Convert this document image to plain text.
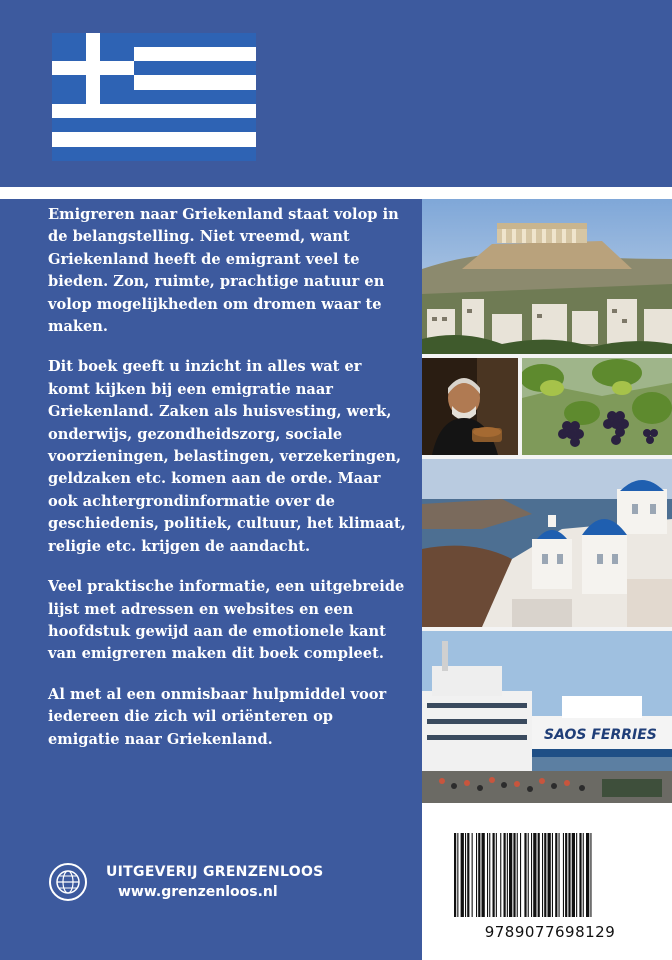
Emigreren naar Griekenland staat volop in de belangstelling. Niet vreemd, want Griekenland heeft de emigrant veel te bieden. Zon, ruimte, prachtige natuur en volop mogelijkheden om dromen waar te maken.

Dit boek geeft u inzicht in alles wat er komt kijken bij een emigratie naar Griekenland. Zaken als huisvesting, werk, onderwijs, gezondheidszorg, sociale voorzieningen, belastingen, verzekeringen, geldzaken etc. komen aan de orde. Maar ook achtergrondinformatie over de geschiedenis, politiek, cultuur, het klimaat, religie etc. krijgen de aandacht.

Veel praktische informatie, een uitgebreide lijst met adressen en websites en een hoofdstuk gewijd aan de emotionele kant van emigreren maken dit boek compleet.

Al met al een onmisbaar hulpmiddel voor iedereen die zich wil oriënteren op emigatie naar Griekenland.	SAOS FERRIES
UITGEVERIJ GRENZENLOOS
www.grenzenloos.nl
9789077698129
